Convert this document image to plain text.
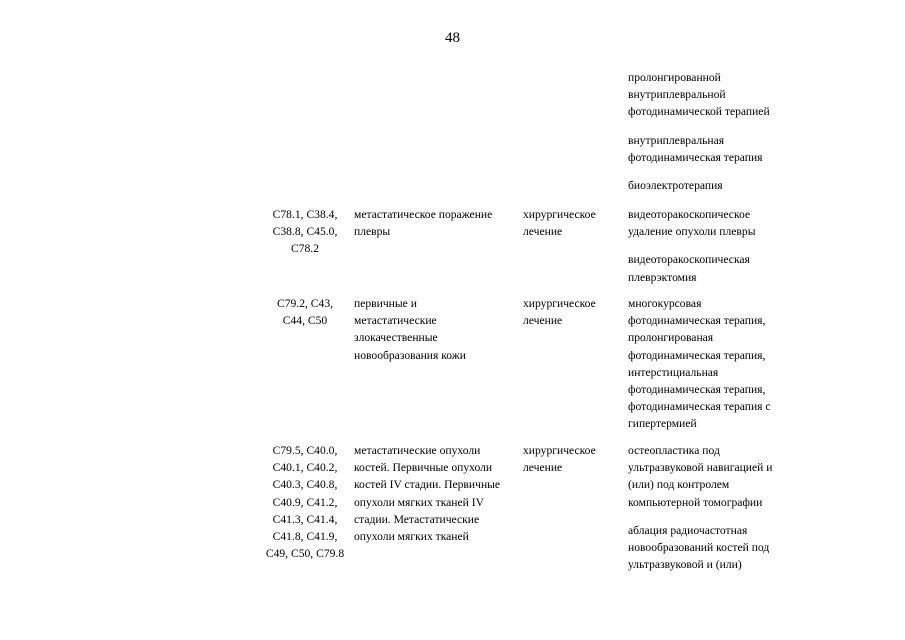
48
пролонгированной
внутриплевральной
фотодинамической терапией
внутриплевральная
фотодинамическая терапия
биоэлектротерапия
C78.1, C38.4,
C38.8, C45.0,
C78.2
метастатическое поражение
плевры
хирургическое
лечение
видеоторакоскопическое
удаление опухоли плевры
видеоторакоскопическая
плеврэктомия
C79.2, C43,
C44, C50
первичные и
метастатические
злокачественные
новообразования кожи
хирургическое
лечение
многокурсовая
фотодинамическая терапия,
пролонгированая
фотодинамическая терапия,
интерстициальная
фотодинамическая терапия,
фотодинамическая терапия с
гипертермией
C79.5, C40.0,
C40.1, C40.2,
C40.3, C40.8,
C40.9, C41.2,
C41.3, C41.4,
C41.8, C41.9,
C49, C50, C79.8
метастатические опухоли
костей. Первичные опухоли
костей IV стадии. Первичные
опухоли мягких тканей IV
стадии. Метастатические
опухоли мягких тканей
хирургическое
лечение
остеопластика под
ультразвуковой навигацией и
(или) под контролем
компьютерной томографии
аблация радиочастотная
новообразований костей под
ультразвуковой и (или)
